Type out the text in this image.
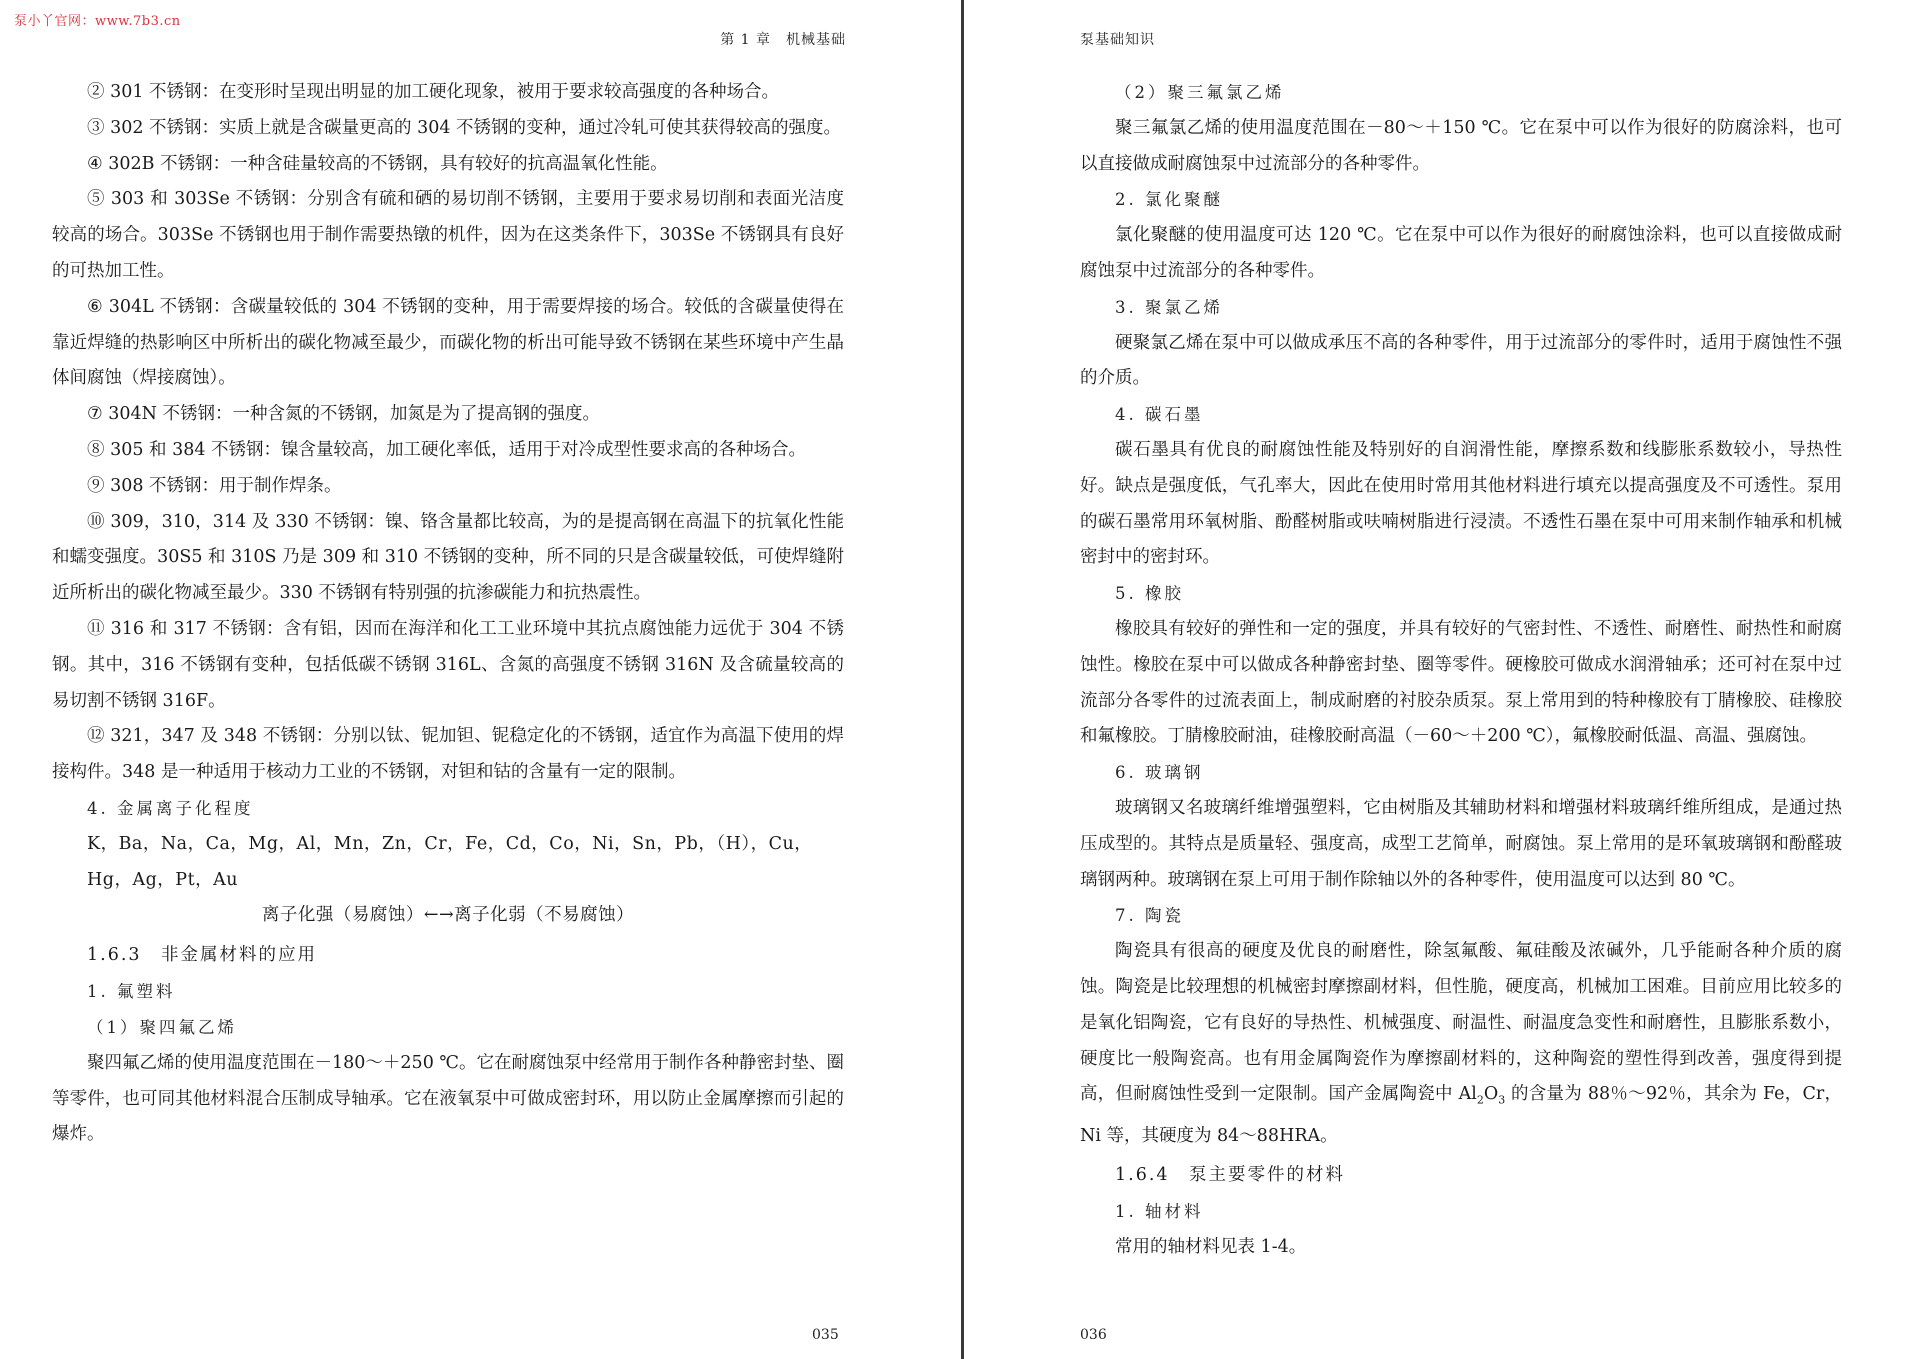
泵小丫官网：www.7b3.cn
第 1 章　机械基础

② 301 不锈钢：在变形时呈现出明显的加工硬化现象，被用于要求较高强度的各种场合。

③ 302 不锈钢：实质上就是含碳量更高的 304 不锈钢的变种，通过冷轧可使其获得较高的强度。

④ 302B 不锈钢：一种含硅量较高的不锈钢，具有较好的抗高温氧化性能。

⑤ 303 和 303Se 不锈钢：分别含有硫和硒的易切削不锈钢，主要用于要求易切削和表面光洁度较高的场合。303Se 不锈钢也用于制作需要热镦的机件，因为在这类条件下，303Se 不锈钢具有良好的可热加工性。

⑥ 304L 不锈钢：含碳量较低的 304 不锈钢的变种，用于需要焊接的场合。较低的含碳量使得在靠近焊缝的热影响区中所析出的碳化物减至最少，而碳化物的析出可能导致不锈钢在某些环境中产生晶体间腐蚀（焊接腐蚀）。

⑦ 304N 不锈钢：一种含氮的不锈钢，加氮是为了提高钢的强度。

⑧ 305 和 384 不锈钢：镍含量较高，加工硬化率低，适用于对冷成型性要求高的各种场合。

⑨ 308 不锈钢：用于制作焊条。

⑩ 309，310，314 及 330 不锈钢：镍、铬含量都比较高，为的是提高钢在高温下的抗氧化性能和蠕变强度。30S5 和 310S 乃是 309 和 310 不锈钢的变种，所不同的只是含碳量较低，可使焊缝附近所析出的碳化物减至最少。330 不锈钢有特别强的抗渗碳能力和抗热震性。

⑪ 316 和 317 不锈钢：含有铝，因而在海洋和化工工业环境中其抗点腐蚀能力远优于 304 不锈钢。其中，316 不锈钢有变种，包括低碳不锈钢 316L、含氮的高强度不锈钢 316N 及含硫量较高的易切割不锈钢 316F。

⑫ 321，347 及 348 不锈钢：分别以钛、铌加钽、铌稳定化的不锈钢，适宜作为高温下使用的焊接构件。348 是一种适用于核动力工业的不锈钢，对钽和钴的含量有一定的限制。

4. 金属离子化程度

K，Ba，Na，Ca，Mg，Al，Mn，Zn，Cr，Fe，Cd，Co，Ni，Sn，Pb，（H），Cu，Hg，Ag，Pt，Au

离子化强（易腐蚀）←→离子化弱（不易腐蚀）

1.6.3　非金属材料的应用

1. 氟塑料

（1）聚四氟乙烯

聚四氟乙烯的使用温度范围在－180～＋250 ℃。它在耐腐蚀泵中经常用于制作各种静密封垫、圈等零件，也可同其他材料混合压制成导轴承。它在液氧泵中可做成密封环，用以防止金属摩擦而引起的爆炸。

035
泵基础知识

（2）聚三氟氯乙烯

聚三氟氯乙烯的使用温度范围在－80～＋150 ℃。它在泵中可以作为很好的防腐涂料，也可以直接做成耐腐蚀泵中过流部分的各种零件。

2. 氯化聚醚

氯化聚醚的使用温度可达 120 ℃。它在泵中可以作为很好的耐腐蚀涂料，也可以直接做成耐腐蚀泵中过流部分的各种零件。

3. 聚氯乙烯

硬聚氯乙烯在泵中可以做成承压不高的各种零件，用于过流部分的零件时，适用于腐蚀性不强的介质。

4. 碳石墨

碳石墨具有优良的耐腐蚀性能及特别好的自润滑性能，摩擦系数和线膨胀系数较小，导热性好。缺点是强度低，气孔率大，因此在使用时常用其他材料进行填充以提高强度及不可透性。泵用的碳石墨常用环氧树脂、酚醛树脂或呋喃树脂进行浸渍。不透性石墨在泵中可用来制作轴承和机械密封中的密封环。

5. 橡胶

橡胶具有较好的弹性和一定的强度，并具有较好的气密封性、不透性、耐磨性、耐热性和耐腐蚀性。橡胶在泵中可以做成各种静密封垫、圈等零件。硬橡胶可做成水润滑轴承；还可衬在泵中过流部分各零件的过流表面上，制成耐磨的衬胶杂质泵。泵上常用到的特种橡胶有丁腈橡胶、硅橡胶和氟橡胶。丁腈橡胶耐油，硅橡胶耐高温（－60～＋200 ℃），氟橡胶耐低温、高温、强腐蚀。

6. 玻璃钢

玻璃钢又名玻璃纤维增强塑料，它由树脂及其辅助材料和增强材料玻璃纤维所组成，是通过热压成型的。其特点是质量轻、强度高，成型工艺简单，耐腐蚀。泵上常用的是环氧玻璃钢和酚醛玻璃钢两种。玻璃钢在泵上可用于制作除轴以外的各种零件，使用温度可以达到 80 ℃。

7. 陶瓷

陶瓷具有很高的硬度及优良的耐磨性，除氢氟酸、氟硅酸及浓碱外，几乎能耐各种介质的腐蚀。陶瓷是比较理想的机械密封摩擦副材料，但性脆，硬度高，机械加工困难。目前应用比较多的是氧化铝陶瓷，它有良好的导热性、机械强度、耐温性、耐温度急变性和耐磨性，且膨胀系数小，硬度比一般陶瓷高。也有用金属陶瓷作为摩擦副材料的，这种陶瓷的塑性得到改善，强度得到提高，但耐腐蚀性受到一定限制。国产金属陶瓷中 $Al_2O_3$ 的含量为 88％～92％，其余为 Fe，Cr，Ni 等，其硬度为 84～88HRA。

1.6.4　泵主要零件的材料

1. 轴材料

常用的轴材料见表 1-4。

036
